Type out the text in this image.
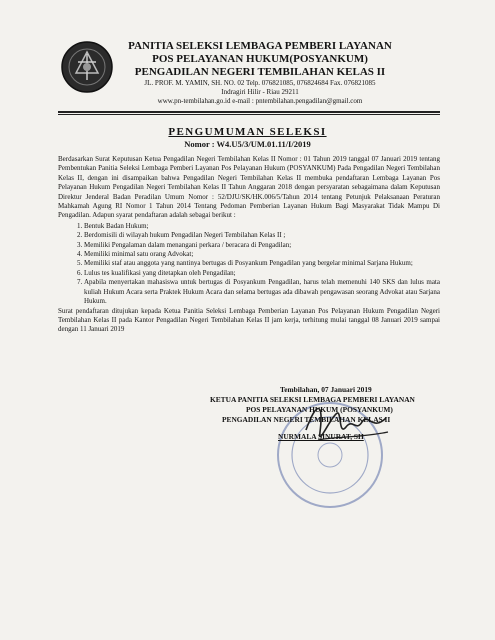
PANITIA SELEKSI LEMBAGA PEMBERI LAYANAN
POS PELAYANAN HUKUM(POSYANKUM)
PENGADILAN NEGERI TEMBILAHAN KELAS II
JL. PROF. M. YAMIN, SH. NO. 02 Telp. 076821085, 076824684 Fax. 076821085
Indragiri Hilir - Riau 29211
www.pn-tembilahan.go.id e-mail : pntembilahan.pengadilan@gmail.com
PENGUMUMAN SELEKSI
Nomor : W4.U5/3/UM.01.11/I/2019

Berdasarkan Surat Keputusan Ketua Pengadilan Negeri Tembilahan Kelas II Nomor : 01 Tahun 2019 tanggal 07 Januari 2019 tentang Pembentukan Panitia Seleksi Lembaga Pemberi Layanan Pos Pelayanan Hukum (POSYANKUM) Pada Pengadilan Negeri Tembilahan Kelas II, dengan ini disampaikan bahwa Pengadilan Negeri Tembilahan Kelas II membuka pendaftaran Lembaga Layanan Pos Pelayanan Hukum Pengadilan Negeri Tembilahan Kelas II Tahun Anggaran 2018 dengan persyaratan sebagaimana dalam Keputusan Direktur Jenderal Badan Peradilan Umum Nomor : 52/DJU/SK/HK.006/5/Tahun 2014 tentang Petunjuk Pelaksanaan Peraturan Mahkamah Agung RI Nomor 1 Tahun 2014 Tentang Pedoman Pemberian Layanan Hukum Bagi Masyarakat Tidak Mampu Di Pengadilan. Adapun syarat pendaftaran adalah sebagai berikut :

1. Bentuk Badan Hukum;
2. Berdomisili di wilayah hukum Pengadilan Negeri Tembilahan Kelas II ;
3. Memiliki Pengalaman dalam menangani perkara / beracara di Pengadilan;
4. Memiliki minimal satu orang Advokat;
5. Memiliki staf atau anggota yang nantinya bertugas di Posyankum Pengadilan yang bergelar minimal Sarjana Hukum;
6. Lulus tes kualifikasi yang ditetapkan oleh Pengadilan;
7. Apabila menyertakan mahasiswa untuk bertugas di Posyankum Pengadilan, harus telah memenuhi 140 SKS dan lulus mata kuliah Hukum Acara serta Praktek Hukum Acara dan selama bertugas ada dibawah pengawasan seorang Advokat atau Sarjana Hukum.

Surat pendaftaran ditujukan kepada Ketua Panitia Seleksi Lembaga Pemberian Layanan Pos Pelayanan Hukum Pengadilan Negeri Tembilahan Kelas II pada Kantor Pengadilan Negeri Tembilahan Kelas II jam kerja, terhitung mulai tanggal 08 Januari 2019 sampai dengan 11 Januari 2019

Tembilahan, 07 Januari 2019
KETUA PANITIA SELEKSI LEMBAGA PEMBERI LAYANAN
POS PELAYANAN HUKUM (POSYANKUM)
PENGADILAN NEGERI TEMBILAHAN KELAS II
NURMALA SINURAT, SH
